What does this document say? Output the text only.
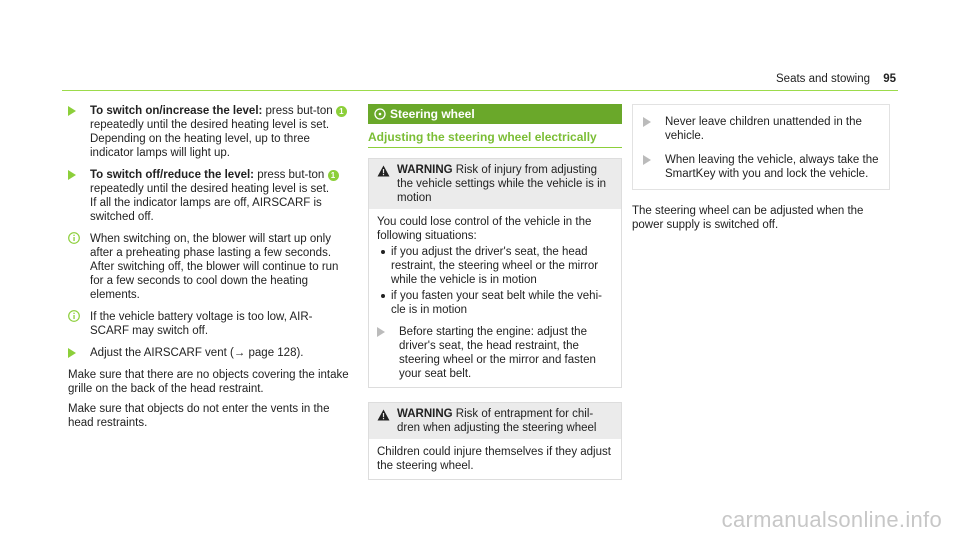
Seats and stowing 95
To switch on/increase the level: press but-ton 1 repeatedly until the desired heating level is set.
Depending on the heating level, up to three indicator lamps will light up.
To switch off/reduce the level: press but-ton 1 repeatedly until the desired heating level is set.
If all the indicator lamps are off, AIRSCARF is switched off.
When switching on, the blower will start up only after a preheating phase lasting a few seconds.
After switching off, the blower will continue to run for a few seconds to cool down the heating elements.
If the vehicle battery voltage is too low, AIR-SCARF may switch off.
Adjust the AIRSCARF vent (→ page 128).

Make sure that there are no objects covering the intake grille on the back of the head restraint.

Make sure that objects do not enter the vents in the head restraints.

Steering wheel
Adjusting the steering wheel electrically
WARNING Risk of injury from adjusting the vehicle settings while the vehicle is in motion
You could lose control of the vehicle in the following situations:
if you adjust the driver's seat, the head restraint, the steering wheel or the mirror while the vehicle is in motion
if you fasten your seat belt while the vehi-cle is in motion
Before starting the engine: adjust the driver's seat, the head restraint, the steering wheel or the mirror and fasten your seat belt.
WARNING Risk of entrapment for chil-dren when adjusting the steering wheel
Children could injure themselves if they adjust the steering wheel.
Never leave children unattended in the vehicle.
When leaving the vehicle, always take the SmartKey with you and lock the vehicle.

The steering wheel can be adjusted when the power supply is switched off.

carmanualsonline.info
